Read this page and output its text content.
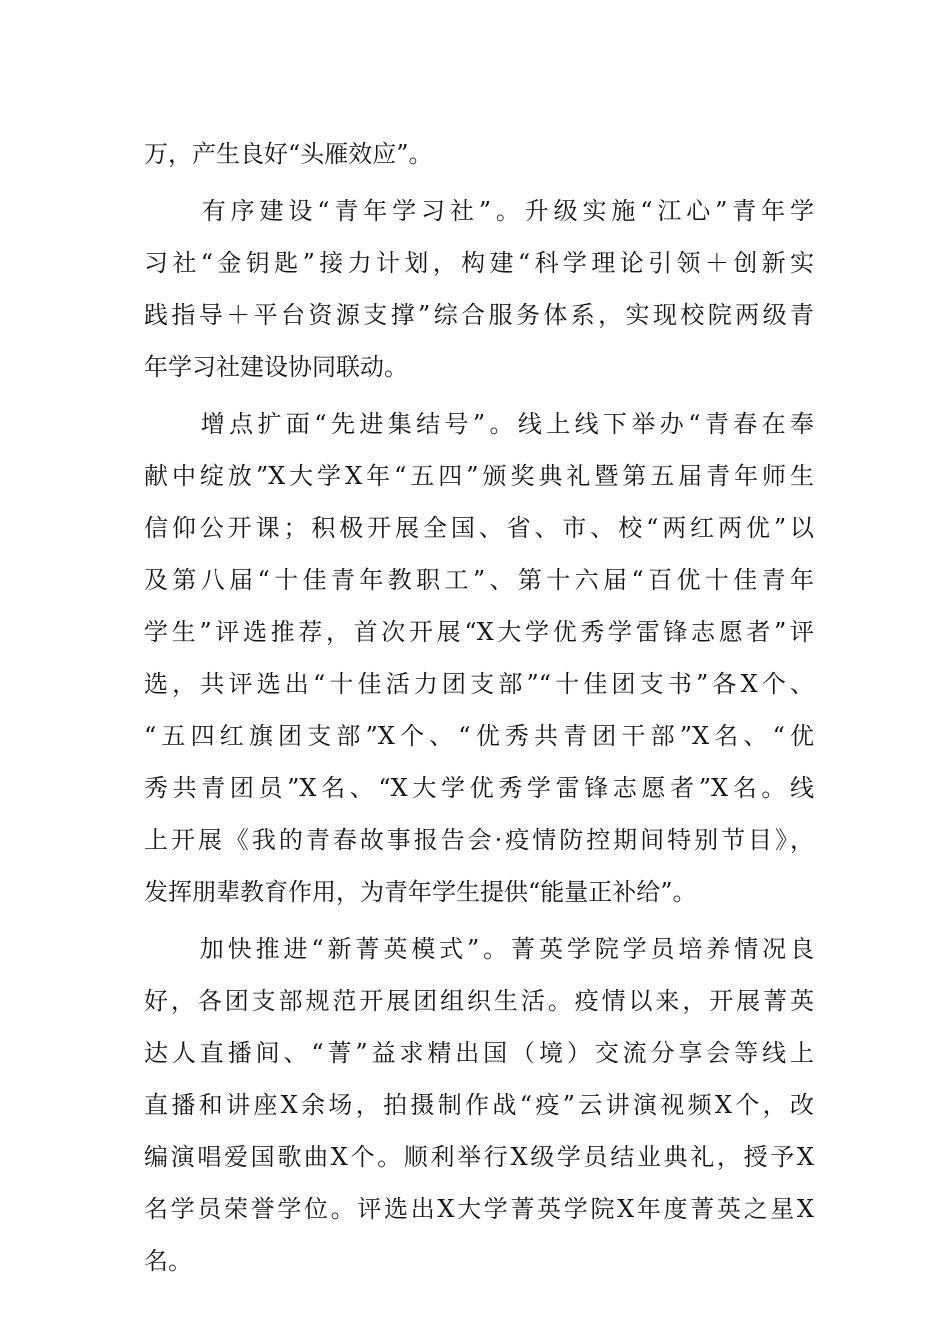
万，产生良好“头雁效应”。
　　有序建设“青年学习社”。升级实施“江心”青年学
习社“金钥匙”接力计划，构建“科学理论引领＋创新实
践指导＋平台资源支撑”综合服务体系，实现校院两级青
年学习社建设协同联动。
　　增点扩面“先进集结号”。线上线下举办“青春在奉
献中绽放”X大学X年“五四”颁奖典礼暨第五届青年师生
信仰公开课；积极开展全国、省、市、校“两红两优”以
及第八届“十佳青年教职工”、第十六届“百优十佳青年
学生”评选推荐，首次开展“X大学优秀学雷锋志愿者”评
选，共评选出“十佳活力团支部”“十佳团支书”各X个、
“五四红旗团支部”X个、“优秀共青团干部”X名、“优
秀共青团员”X名、“X大学优秀学雷锋志愿者”X名。线
上开展《我的青春故事报告会·疫情防控期间特别节目》，
发挥朋辈教育作用，为青年学生提供“能量正补给”。
　　加快推进“新菁英模式”。菁英学院学员培养情况良
好，各团支部规范开展团组织生活。疫情以来，开展菁英
达人直播间、“菁”益求精出国（境）交流分享会等线上
直播和讲座X余场，拍摄制作战“疫”云讲演视频X个，改
编演唱爱国歌曲X个。顺利举行X级学员结业典礼，授予X
名学员荣誉学位。评选出X大学菁英学院X年度菁英之星X
名。
